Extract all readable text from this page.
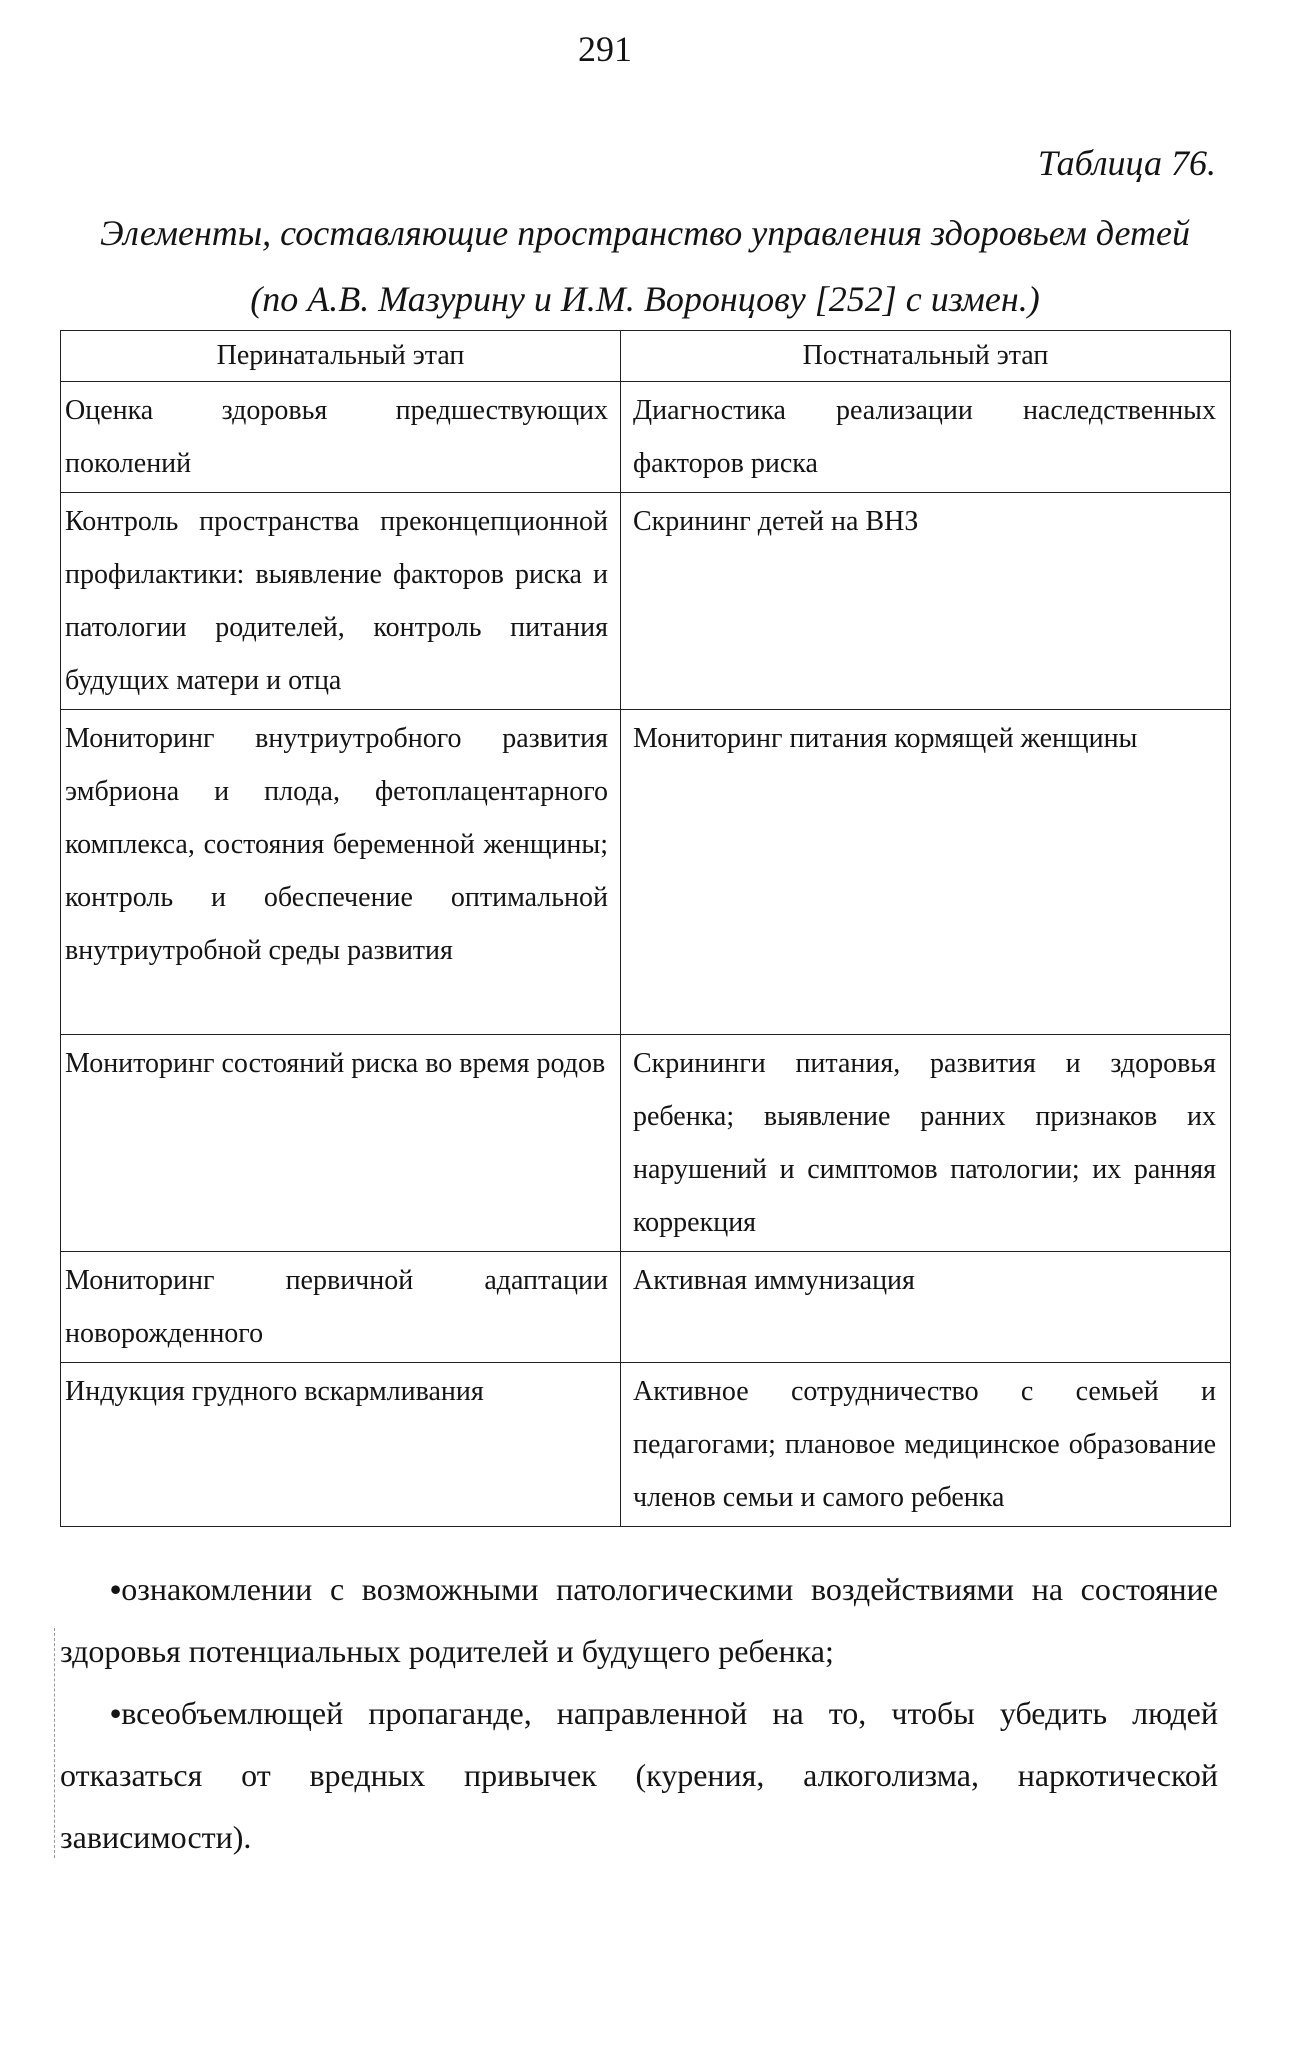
291
Таблица 76.
Элементы, составляющие пространство управления здоровьем детей
(по А.В. Мазурину и И.М. Воронцову [252] с измен.)
Перинатальный этап	Постнатальный этап
Оценка здоровья предшествующих поколений	Диагностика реализации наследственных факторов риска
Контроль пространства преконцепционной профилактики: выявление факторов риска и патологии родителей, контроль питания будущих матери и отца	Скрининг детей на ВНЗ
Мониторинг внутриутробного развития эмбриона и плода, фетоплацентарного комплекса, состояния беременной женщины; контроль и обеспечение оптимальной внутриутробной среды развития	Мониторинг питания кормящей женщины
Мониторинг состояний риска во время родов	Скрининги питания, развития и здоровья ребенка; выявление ранних признаков их нарушений и симптомов патологии; их ранняя коррекция
Мониторинг первичной адаптации новорожденного	Активная иммунизация
Индукция грудного вскармливания	Активное сотрудничество с семьей и педагогами; плановое медицинское образование членов семьи и самого ребенка

•ознакомлении с возможными патологическими воздействиями на состояние здоровья потенциальных родителей и будущего ребенка;

•всеобъемлющей пропаганде, направленной на то, чтобы убедить людей отказаться от вредных привычек (курения, алкоголизма, наркотической зависимости).
